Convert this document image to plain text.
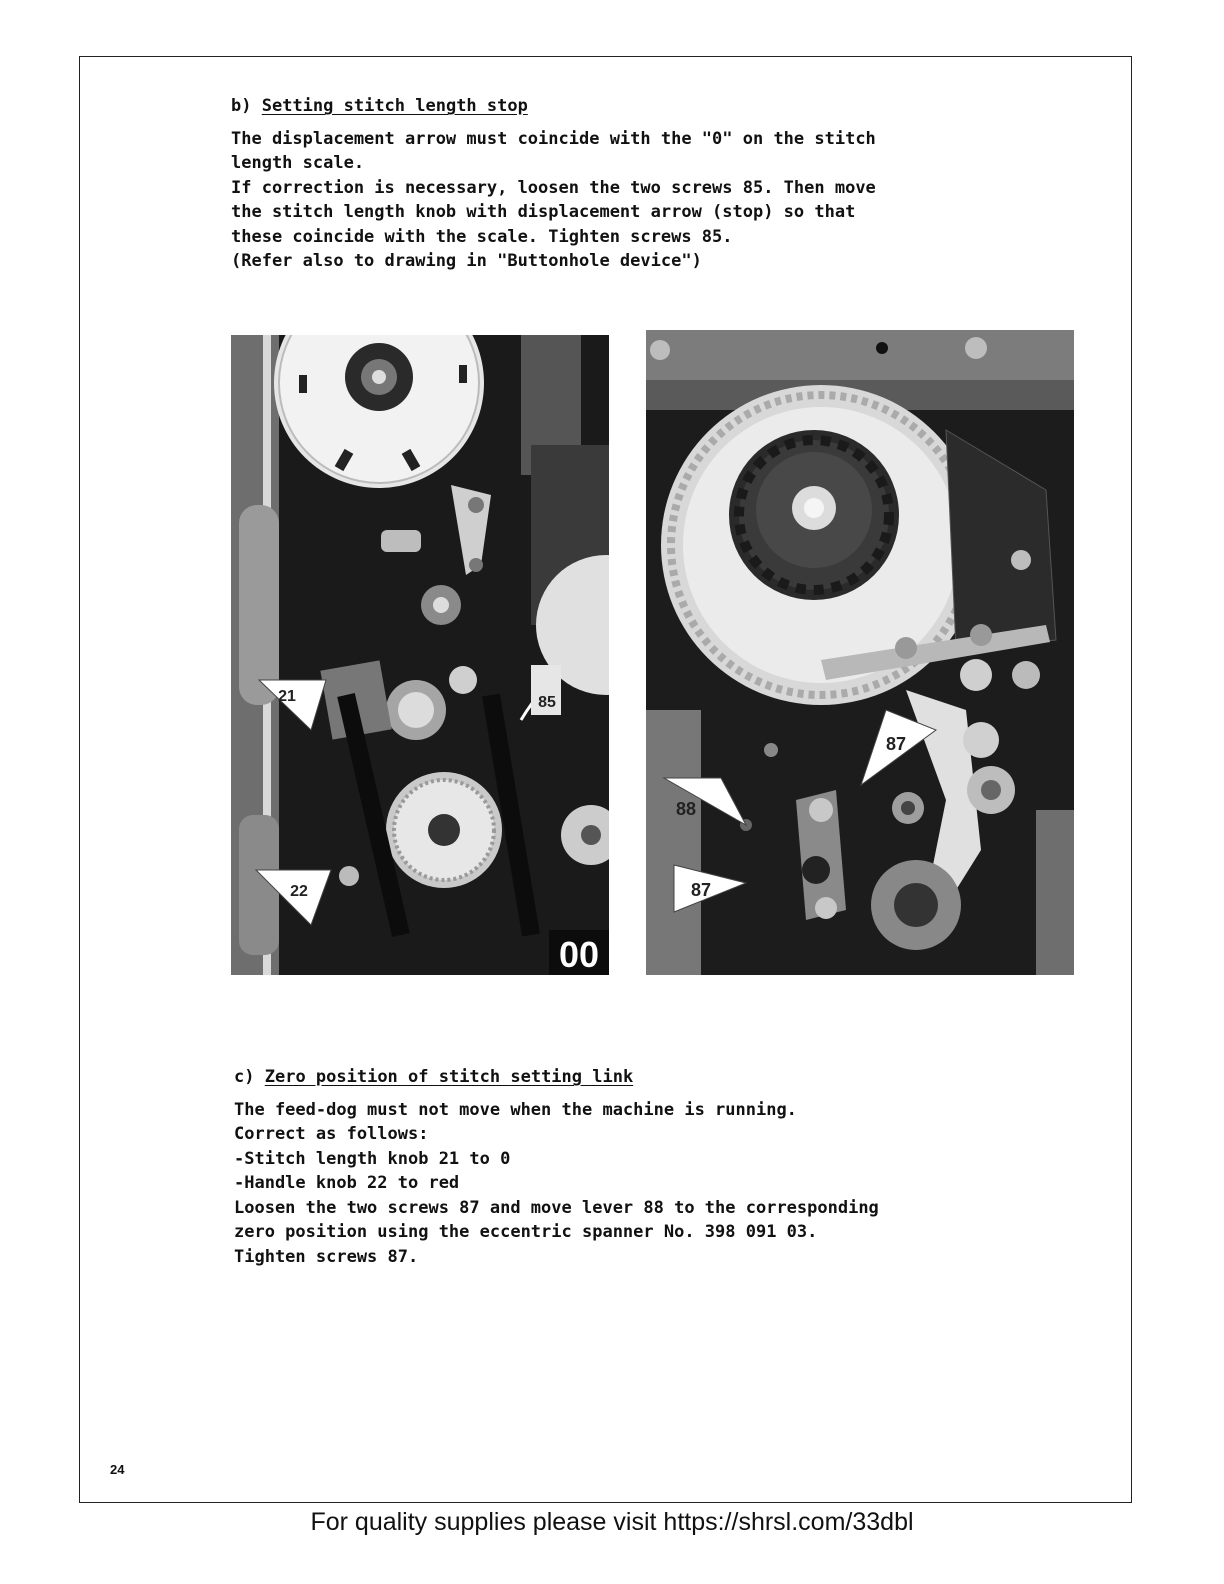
b) Setting stitch length stop

The displacement arrow must coincide with the "0" on the stitch

length scale.

If correction is necessary, loosen the two screws 85. Then move

the stitch length knob with displacement arrow (stop) so that

these coincide with the scale. Tighten screws 85.

(Refer also to drawing in "Buttonhole device")

21	85
22
00
87
88
87

c) Zero position of stitch setting link

The feed-dog must not move when the machine is running.

Correct as follows:

-Stitch length knob 21 to 0

-Handle knob 22 to red

Loosen the two screws 87 and move lever 88 to the corresponding

zero position using the eccentric spanner No. 398 091 03.

Tighten screws 87.

24
For quality supplies please visit https://shrsl.com/33dbl
